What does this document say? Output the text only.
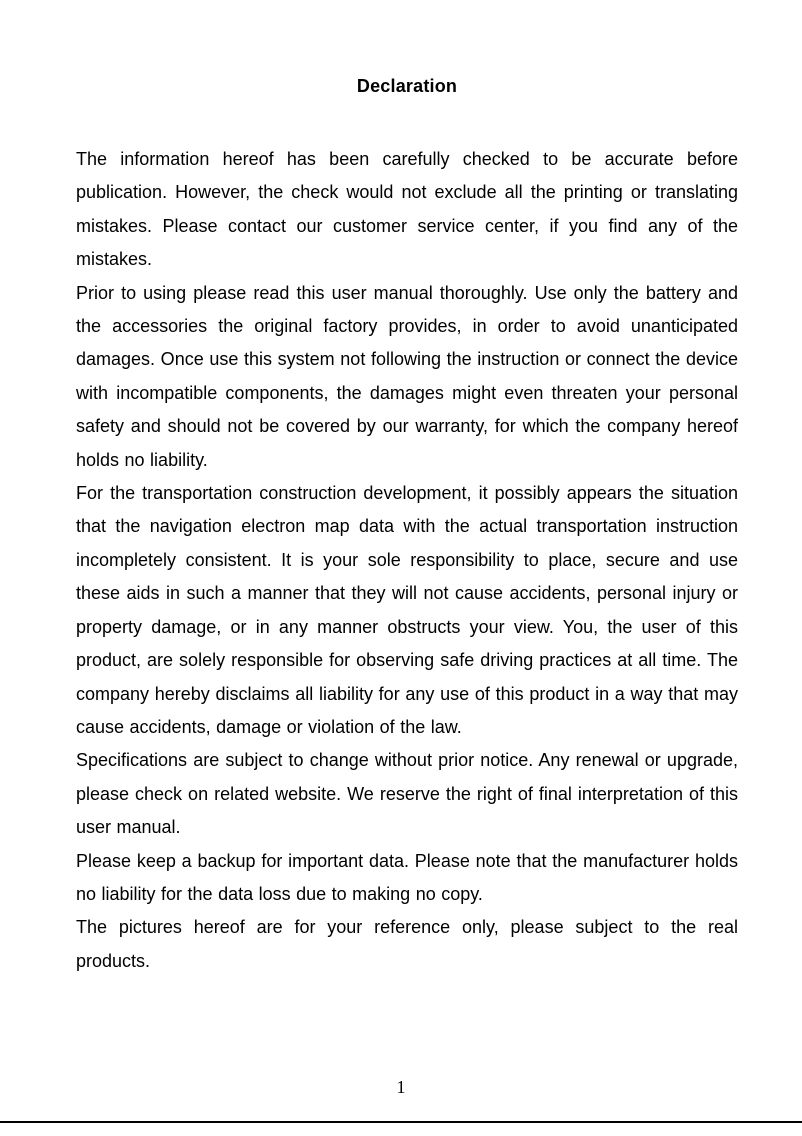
Declaration

The information hereof has been carefully checked to be accurate before publication. However, the check would not exclude all the printing or translating mistakes. Please contact our customer service center, if you find any of the mistakes.

Prior to using please read this user manual thoroughly. Use only the battery and the accessories the original factory provides, in order to avoid unanticipated damages. Once use this system not following the instruction or connect the device with incompatible components, the damages might even threaten your personal safety and should not be covered by our warranty, for which the company hereof holds no liability.

For the transportation construction development, it possibly appears the situation that the navigation electron map data with the actual transportation instruction incompletely consistent. It is your sole responsibility to place, secure and use these aids in such a manner that they will not cause accidents, personal injury or property damage, or in any manner obstructs your view. You, the user of this product, are solely responsible for observing safe driving practices at all time. The company hereby disclaims all liability for any use of this product in a way that may cause accidents, damage or violation of the law.

Specifications are subject to change without prior notice. Any renewal or upgrade, please check on related website. We reserve the right of final interpretation of this user manual.

Please keep a backup for important data. Please note that the manufacturer holds no liability for the data loss due to making no copy.

The pictures hereof are for your reference only, please subject to the real products.

1
